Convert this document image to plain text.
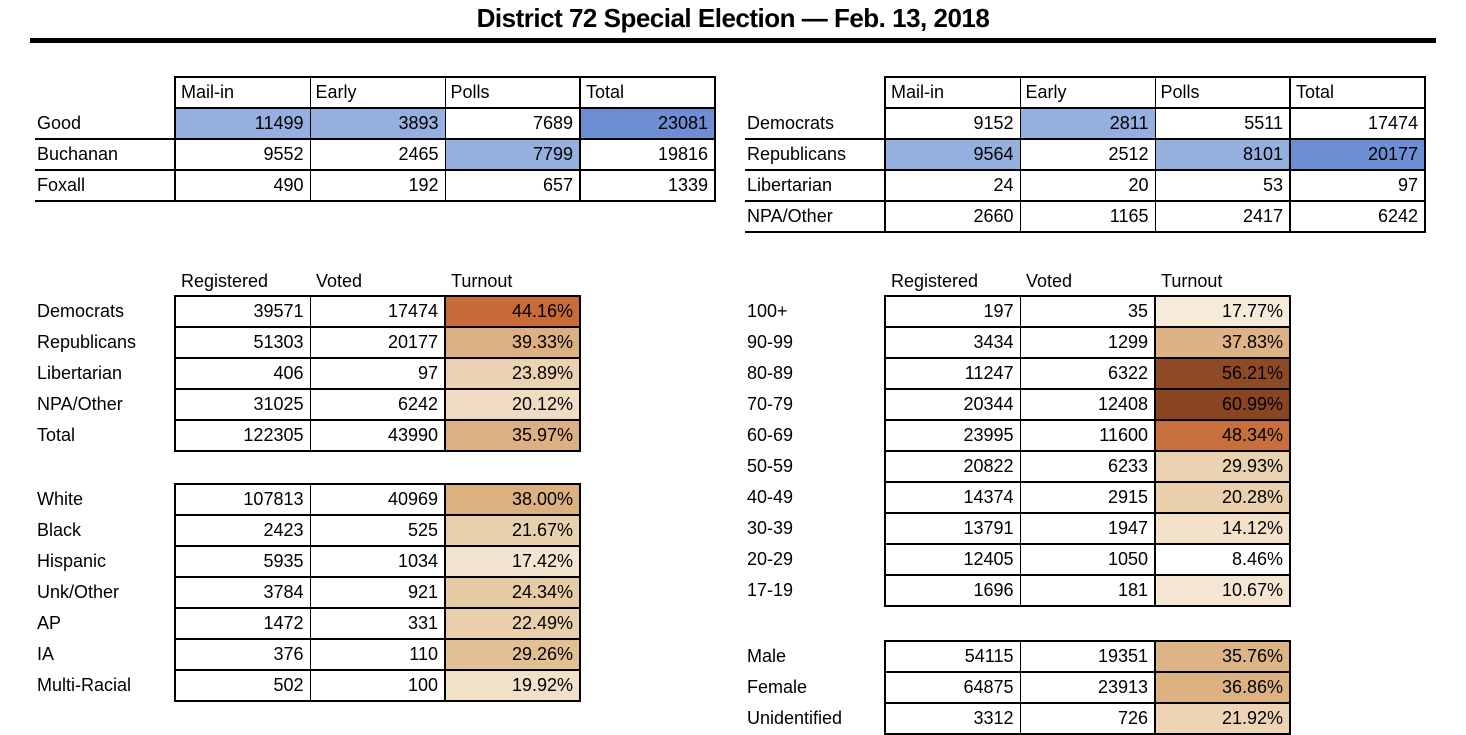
District 72 Special Election — Feb. 13, 2018
	Mail-in	Early	Polls	Total
Good	11499	3893	7689	23081
Buchanan	9552	2465	7799	19816
Foxall	490	192	657	1339
	Mail-in	Early	Polls	Total
Democrats	9152	2811	5511	17474
Republicans	9564	2512	8101	20177
Libertarian	24	20	53	97
NPA/Other	2660	1165	2417	6242
	Registered	Voted	Turnout
Democrats	39571	17474	44.16%
Republicans	51303	20177	39.33%
Libertarian	406	97	23.89%
NPA/Other	31025	6242	20.12%
Total	122305	43990	35.97%
White	107813	40969	38.00%
Black	2423	525	21.67%
Hispanic	5935	1034	17.42%
Unk/Other	3784	921	24.34%
AP	1472	331	22.49%
IA	376	110	29.26%
Multi-Racial	502	100	19.92%
	Registered	Voted	Turnout
100+	197	35	17.77%
90-99	3434	1299	37.83%
80-89	11247	6322	56.21%
70-79	20344	12408	60.99%
60-69	23995	11600	48.34%
50-59	20822	6233	29.93%
40-49	14374	2915	20.28%
30-39	13791	1947	14.12%
20-29	12405	1050	8.46%
17-19	1696	181	10.67%
Male	54115	19351	35.76%
Female	64875	23913	36.86%
Unidentified	3312	726	21.92%
